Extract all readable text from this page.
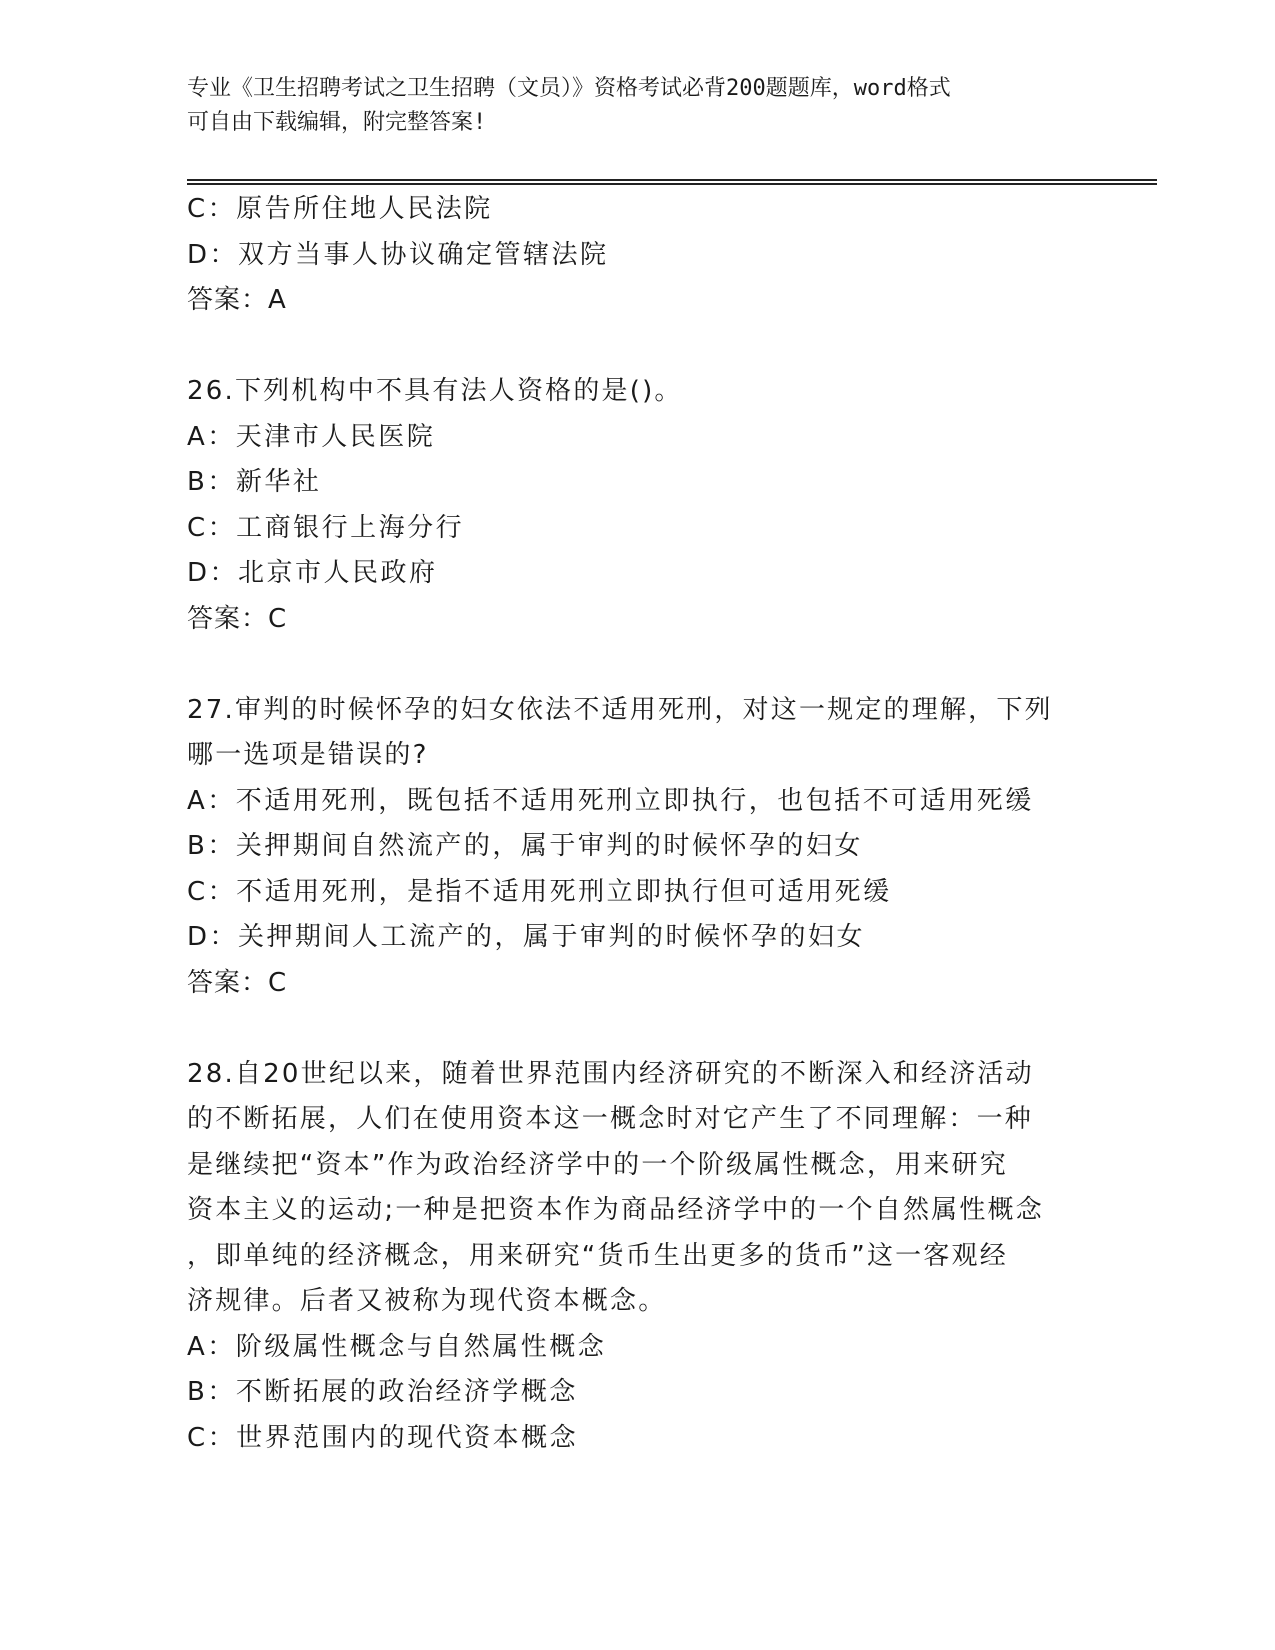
专业《卫生招聘考试之卫生招聘（文员）》资格考试必背200题题库，word格式
可自由下载编辑，附完整答案!
C：原告所住地人民法院
D：双方当事人协议确定管辖法院
答案：A
26.下列机构中不具有法人资格的是()。
A：天津市人民医院
B：新华社
C：工商银行上海分行
D：北京市人民政府
答案：C
27.审判的时候怀孕的妇女依法不适用死刑，对这一规定的理解，下列
哪一选项是错误的?
A：不适用死刑，既包括不适用死刑立即执行，也包括不可适用死缓
B：关押期间自然流产的，属于审判的时候怀孕的妇女
C：不适用死刑，是指不适用死刑立即执行但可适用死缓
D：关押期间人工流产的，属于审判的时候怀孕的妇女
答案：C
28.自20世纪以来，随着世界范围内经济研究的不断深入和经济活动
的不断拓展，人们在使用资本这一概念时对它产生了不同理解：一种
是继续把“资本”作为政治经济学中的一个阶级属性概念，用来研究
资本主义的运动;一种是把资本作为商品经济学中的一个自然属性概念
，即单纯的经济概念，用来研究“货币生出更多的货币”这一客观经
济规律。后者又被称为现代资本概念。
A：阶级属性概念与自然属性概念
B：不断拓展的政治经济学概念
C：世界范围内的现代资本概念
